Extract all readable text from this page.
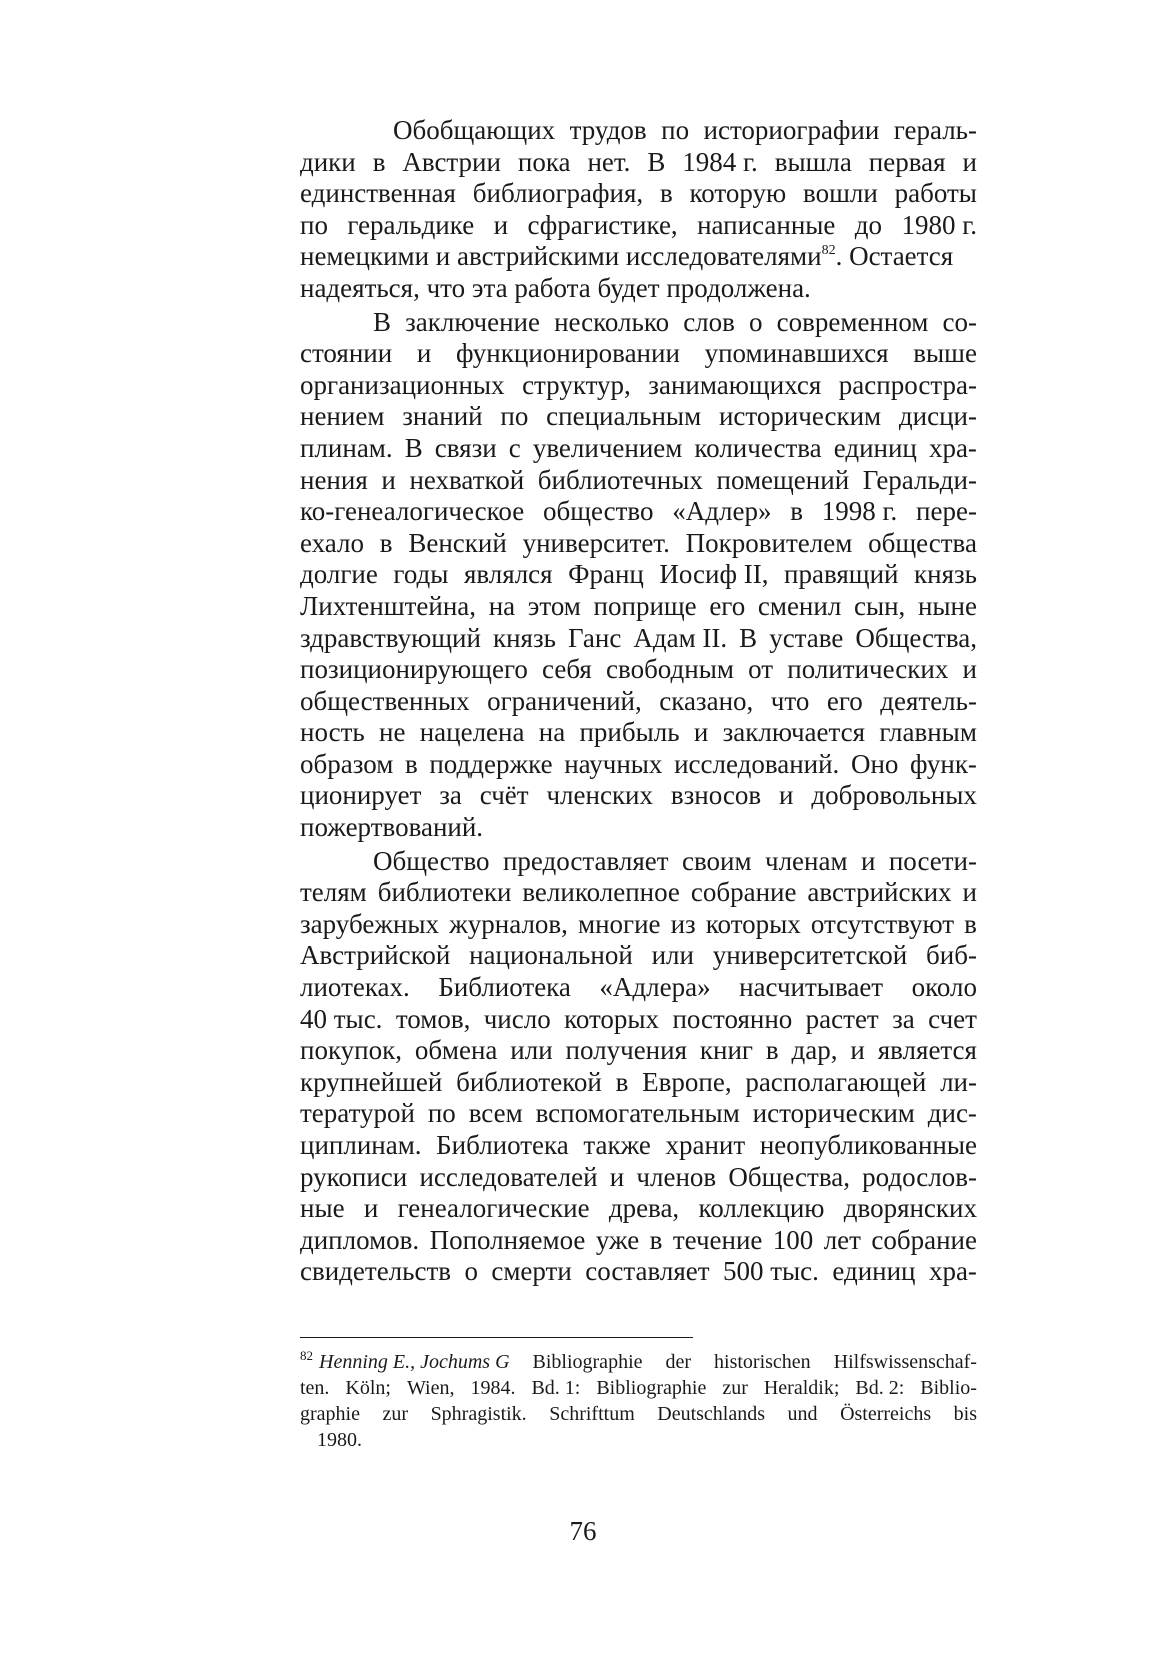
Обобщающих трудов по историографии гераль-
дики в Австрии пока нет. В 1984 г. вышла первая и
единственная библиография, в которую вошли работы
по геральдике и сфрагистике, написанные до 1980 г.
немецкими и австрийскими исследователями$^{82}$. Остается
надеяться, что эта работа будет продолжена.
В заключение несколько слов о современном со-
стоянии и функционировании упоминавшихся выше
организационных структур, занимающихся распростра-
нением знаний по специальным историческим дисци-
плинам. В связи с увеличением количества единиц хра-
нения и нехваткой библиотечных помещений Геральди-
ко-генеалогическое общество «Адлер» в 1998 г. пере-
ехало в Венский университет. Покровителем общества
долгие годы являлся Франц Иосиф II, правящий князь
Лихтенштейна, на этом поприще его сменил сын, ныне
здравствующий князь Ганс Адам II. В уставе Общества,
позиционирующего себя свободным от политических и
общественных ограничений, сказано, что его деятель-
ность не нацелена на прибыль и заключается главным
образом в поддержке научных исследований. Оно функ-
ционирует за счёт членских взносов и добровольных
пожертвований.
Общество предоставляет своим членам и посети-
телям библиотеки великолепное собрание австрийских и
зарубежных журналов, многие из которых отсутствуют в
Австрийской национальной или университетской биб-
лиотеках. Библиотека «Адлера» насчитывает около
40 тыс. томов, число которых постоянно растет за счет
покупок, обмена или получения книг в дар, и является
крупнейшей библиотекой в Европе, располагающей ли-
тературой по всем вспомогательным историческим дис-
циплинам. Библиотека также хранит неопубликованные
рукописи исследователей и членов Общества, родослов-
ные и генеалогические древа, коллекцию дворянских
дипломов. Пополняемое уже в течение 100 лет собрание
свидетельств о смерти составляет 500 тыс. единиц хра-
$^{82}$ Henning E., Jochums G Bibliographie der historischen Hilfswissenschaf-
ten. Köln; Wien, 1984. Bd. 1: Bibliographie zur Heraldik; Bd. 2: Biblio-
graphie zur Sphragistik. Schrifttum Deutschlands und Österreichs bis
1980.
76
